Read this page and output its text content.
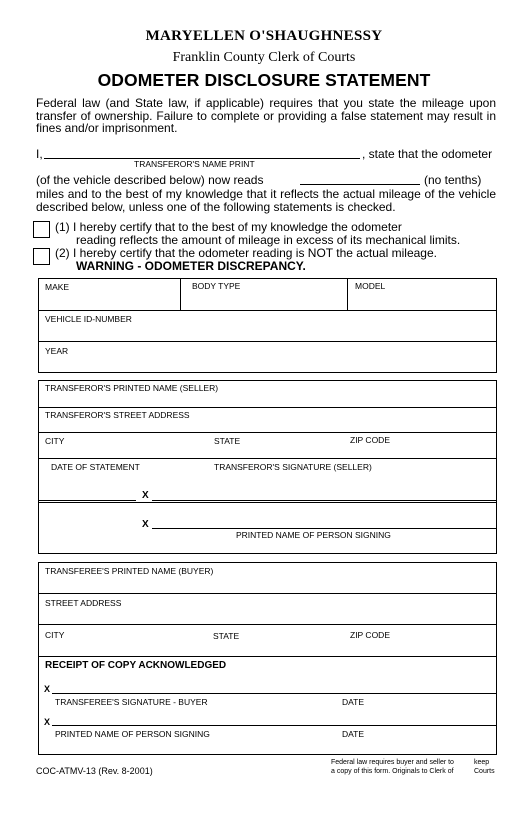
MARYELLEN O'SHAUGHNESSY
Franklin County Clerk of Courts
ODOMETER DISCLOSURE STATEMENT
Federal law (and State law, if applicable) requires that you state the mileage upon transfer of ownership. Failure to complete or providing a false statement may result in fines and/or imprisonment.
I,	, state that the odometer
TRANSFEROR'S NAME PRINT
(of the vehicle described below) now reads	(no tenths)
miles and to the best of my knowledge that it reflects the actual mileage of the vehicle described below, unless one of the following statements is checked.
(1) I hereby certify that to the best of my knowledge the odometer
reading reflects the amount of mileage in excess of its mechanical limits.
(2) I hereby certify that the odometer reading is NOT the actual mileage.
WARNING - ODOMETER DISCREPANCY.
MAKE	BODY TYPE	MODEL
VEHICLE ID-NUMBER
YEAR
TRANSFEROR'S PRINTED NAME (SELLER)
TRANSFEROR'S STREET ADDRESS
CITY	STATE	ZIP CODE
DATE OF STATEMENT	TRANSFEROR'S SIGNATURE (SELLER)
X
X
PRINTED NAME OF PERSON SIGNING
TRANSFEREE'S PRINTED NAME (BUYER)
STREET ADDRESS
CITY	STATE	ZIP CODE
RECEIPT OF COPY ACKNOWLEDGED
X
TRANSFEREE'S SIGNATURE - BUYER	DATE
X
PRINTED NAME OF PERSON SIGNING	DATE
COC-ATMV-13 (Rev. 8-2001)
Federal law requires buyer and seller to	keep
a copy of this form. Originals to Clerk of	Courts
